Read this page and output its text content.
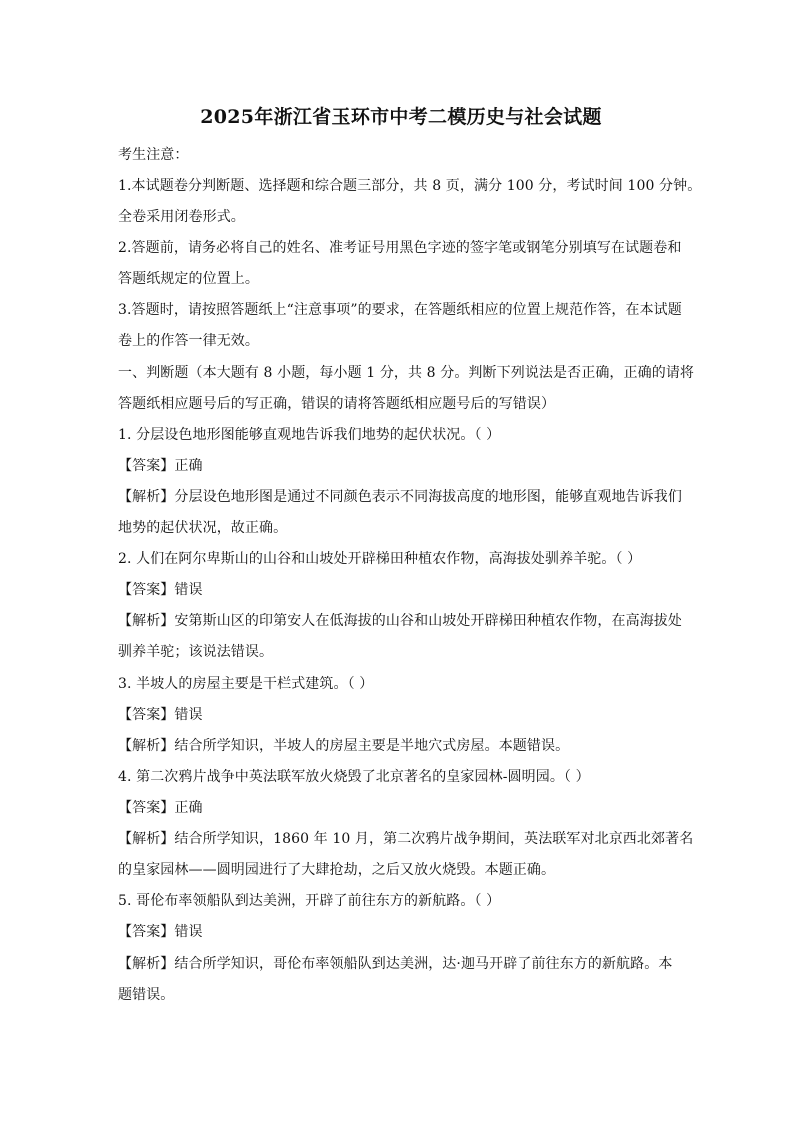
2025年浙江省玉环市中考二模历史与社会试题
考生注意：
1.本试题卷分判断题、选择题和综合题三部分，共 8 页，满分 100 分，考试时间 100 分钟。
全卷采用闭卷形式。
2.答题前，请务必将自己的姓名、准考证号用黑色字迹的签字笔或钢笔分别填写在试题卷和
答题纸规定的位置上。
3.答题时，请按照答题纸上“注意事项”的要求，在答题纸相应的位置上规范作答，在本试题
卷上的作答一律无效。
一、判断题（本大题有 8 小题，每小题 1 分，共 8 分。判断下列说法是否正确，正确的请将
答题纸相应题号后的写正确，错误的请将答题纸相应题号后的写错误）
1. 分层设色地形图能够直观地告诉我们地势的起伏状况。（ ）
【答案】正确
【解析】分层设色地形图是通过不同颜色表示不同海拔高度的地形图，能够直观地告诉我们
地势的起伏状况，故正确。
2. 人们在阿尔卑斯山的山谷和山坡处开辟梯田种植农作物，高海拔处驯养羊驼。（ ）
【答案】错误
【解析】安第斯山区的印第安人在低海拔的山谷和山坡处开辟梯田种植农作物，在高海拔处
驯养羊驼；该说法错误。
3. 半坡人的房屋主要是干栏式建筑。（ ）
【答案】错误
【解析】结合所学知识，半坡人的房屋主要是半地穴式房屋。本题错误。
4. 第二次鸦片战争中英法联军放火烧毁了北京著名的皇家园林-圆明园。（ ）
【答案】正确
【解析】结合所学知识，1860 年 10 月，第二次鸦片战争期间，英法联军对北京西北郊著名
的皇家园林——圆明园进行了大肆抢劫，之后又放火烧毁。本题正确。
5. 哥伦布率领船队到达美洲，开辟了前往东方的新航路。（ ）
【答案】错误
【解析】结合所学知识，哥伦布率领船队到达美洲，达·迦马开辟了前往东方的新航路。本
题错误。
